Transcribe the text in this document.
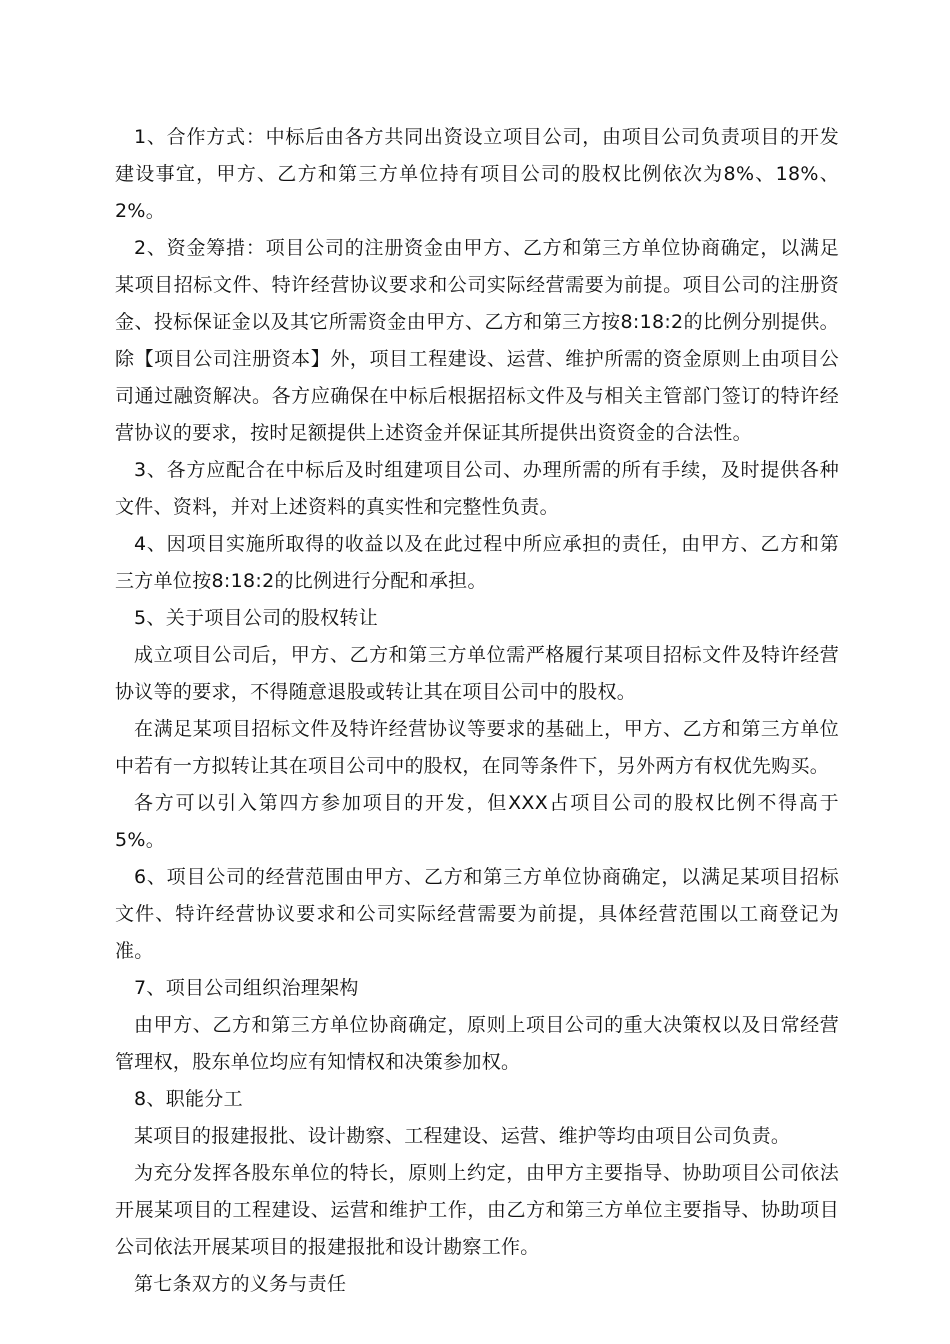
1、合作方式：中标后由各方共同出资设立项目公司，由项目公司负责项目的开发建设事宜，甲方、乙方和第三方单位持有项目公司的股权比例依次为8%、18%、2%。

2、资金筹措：项目公司的注册资金由甲方、乙方和第三方单位协商确定，以满足某项目招标文件、特许经营协议要求和公司实际经营需要为前提。项目公司的注册资金、投标保证金以及其它所需资金由甲方、乙方和第三方按8:18:2的比例分别提供。除【项目公司注册资本】外，项目工程建设、运营、维护所需的资金原则上由项目公司通过融资解决。各方应确保在中标后根据招标文件及与相关主管部门签订的特许经营协议的要求，按时足额提供上述资金并保证其所提供出资资金的合法性。

3、各方应配合在中标后及时组建项目公司、办理所需的所有手续，及时提供各种文件、资料，并对上述资料的真实性和完整性负责。

4、因项目实施所取得的收益以及在此过程中所应承担的责任，由甲方、乙方和第三方单位按8:18:2的比例进行分配和承担。

5、关于项目公司的股权转让

成立项目公司后，甲方、乙方和第三方单位需严格履行某项目招标文件及特许经营协议等的要求，不得随意退股或转让其在项目公司中的股权。

在满足某项目招标文件及特许经营协议等要求的基础上，甲方、乙方和第三方单位中若有一方拟转让其在项目公司中的股权，在同等条件下，另外两方有权优先购买。

各方可以引入第四方参加项目的开发，但XXX占项目公司的股权比例不得高于5%。

6、项目公司的经营范围由甲方、乙方和第三方单位协商确定，以满足某项目招标文件、特许经营协议要求和公司实际经营需要为前提，具体经营范围以工商登记为准。

7、项目公司组织治理架构

由甲方、乙方和第三方单位协商确定，原则上项目公司的重大决策权以及日常经营管理权，股东单位均应有知情权和决策参加权。

8、职能分工

某项目的报建报批、设计勘察、工程建设、运营、维护等均由项目公司负责。

为充分发挥各股东单位的特长，原则上约定，由甲方主要指导、协助项目公司依法开展某项目的工程建设、运营和维护工作，由乙方和第三方单位主要指导、协助项目公司依法开展某项目的报建报批和设计勘察工作。

第七条双方的义务与责任
